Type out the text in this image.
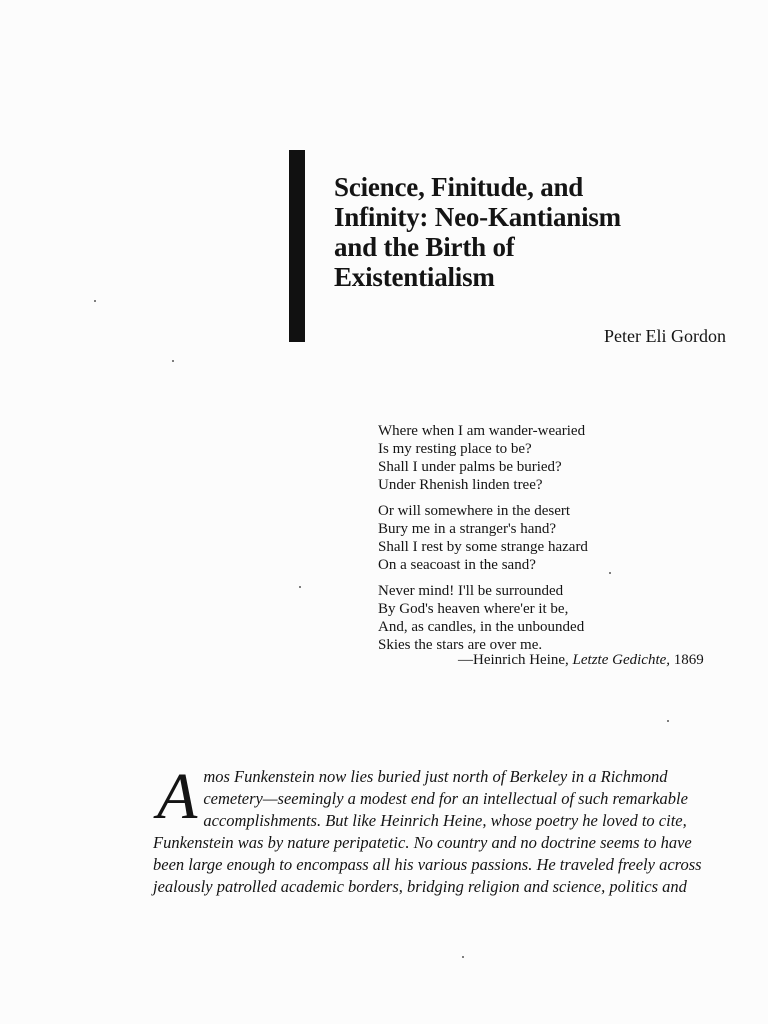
Science, Finitude, and
Infinity: Neo-Kantianism
and the Birth of
Existentialism
Peter Eli Gordon
Where when I am wander-wearied
Is my resting place to be?
Shall I under palms be buried?
Under Rhenish linden tree?
Or will somewhere in the desert
Bury me in a stranger's hand?
Shall I rest by some strange hazard
On a seacoast in the sand?
Never mind! I'll be surrounded
By God's heaven where'er it be,
And, as candles, in the unbounded
Skies the stars are over me.
—Heinrich Heine, Letzte Gedichte, 1869
A mos Funkenstein now lies buried just north of Berkeley in a Richmond
cemetery—seemingly a modest end for an intellectual of such remarkable
accomplishments. But like Heinrich Heine, whose poetry he loved to cite,
Funkenstein was by nature peripatetic. No country and no doctrine seems to have
been large enough to encompass all his various passions. He traveled freely across
jealously patrolled academic borders, bridging religion and science, politics and
